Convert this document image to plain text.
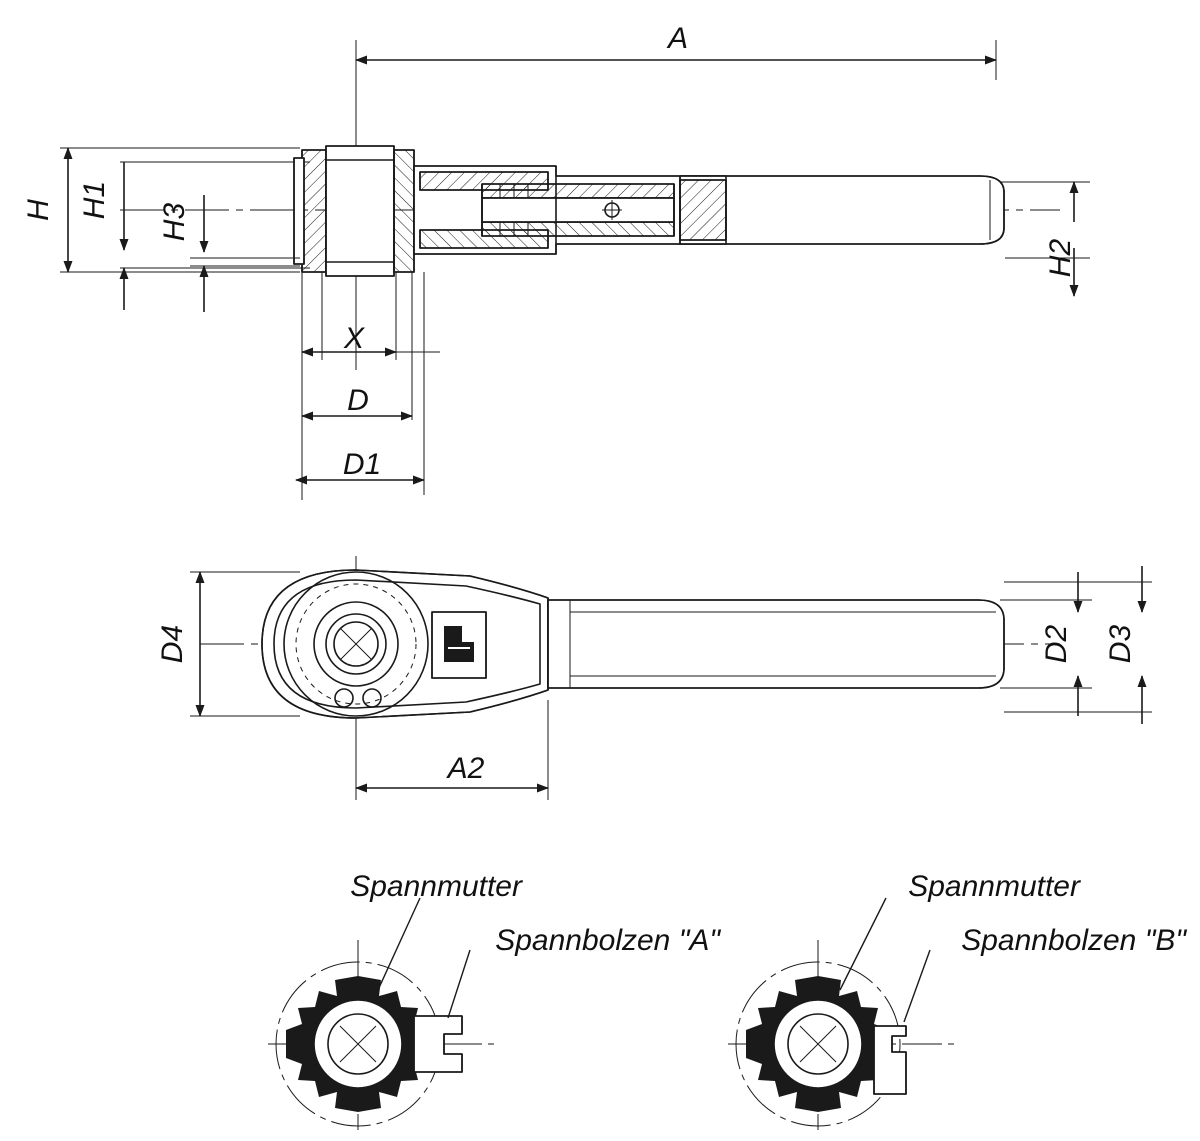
A
H H1
H3
H2
X
D
D1
D4	D2 D3
A2
Spannmutter
Spannbolzen "A"
Spannmutter
Spannbolzen "B"
